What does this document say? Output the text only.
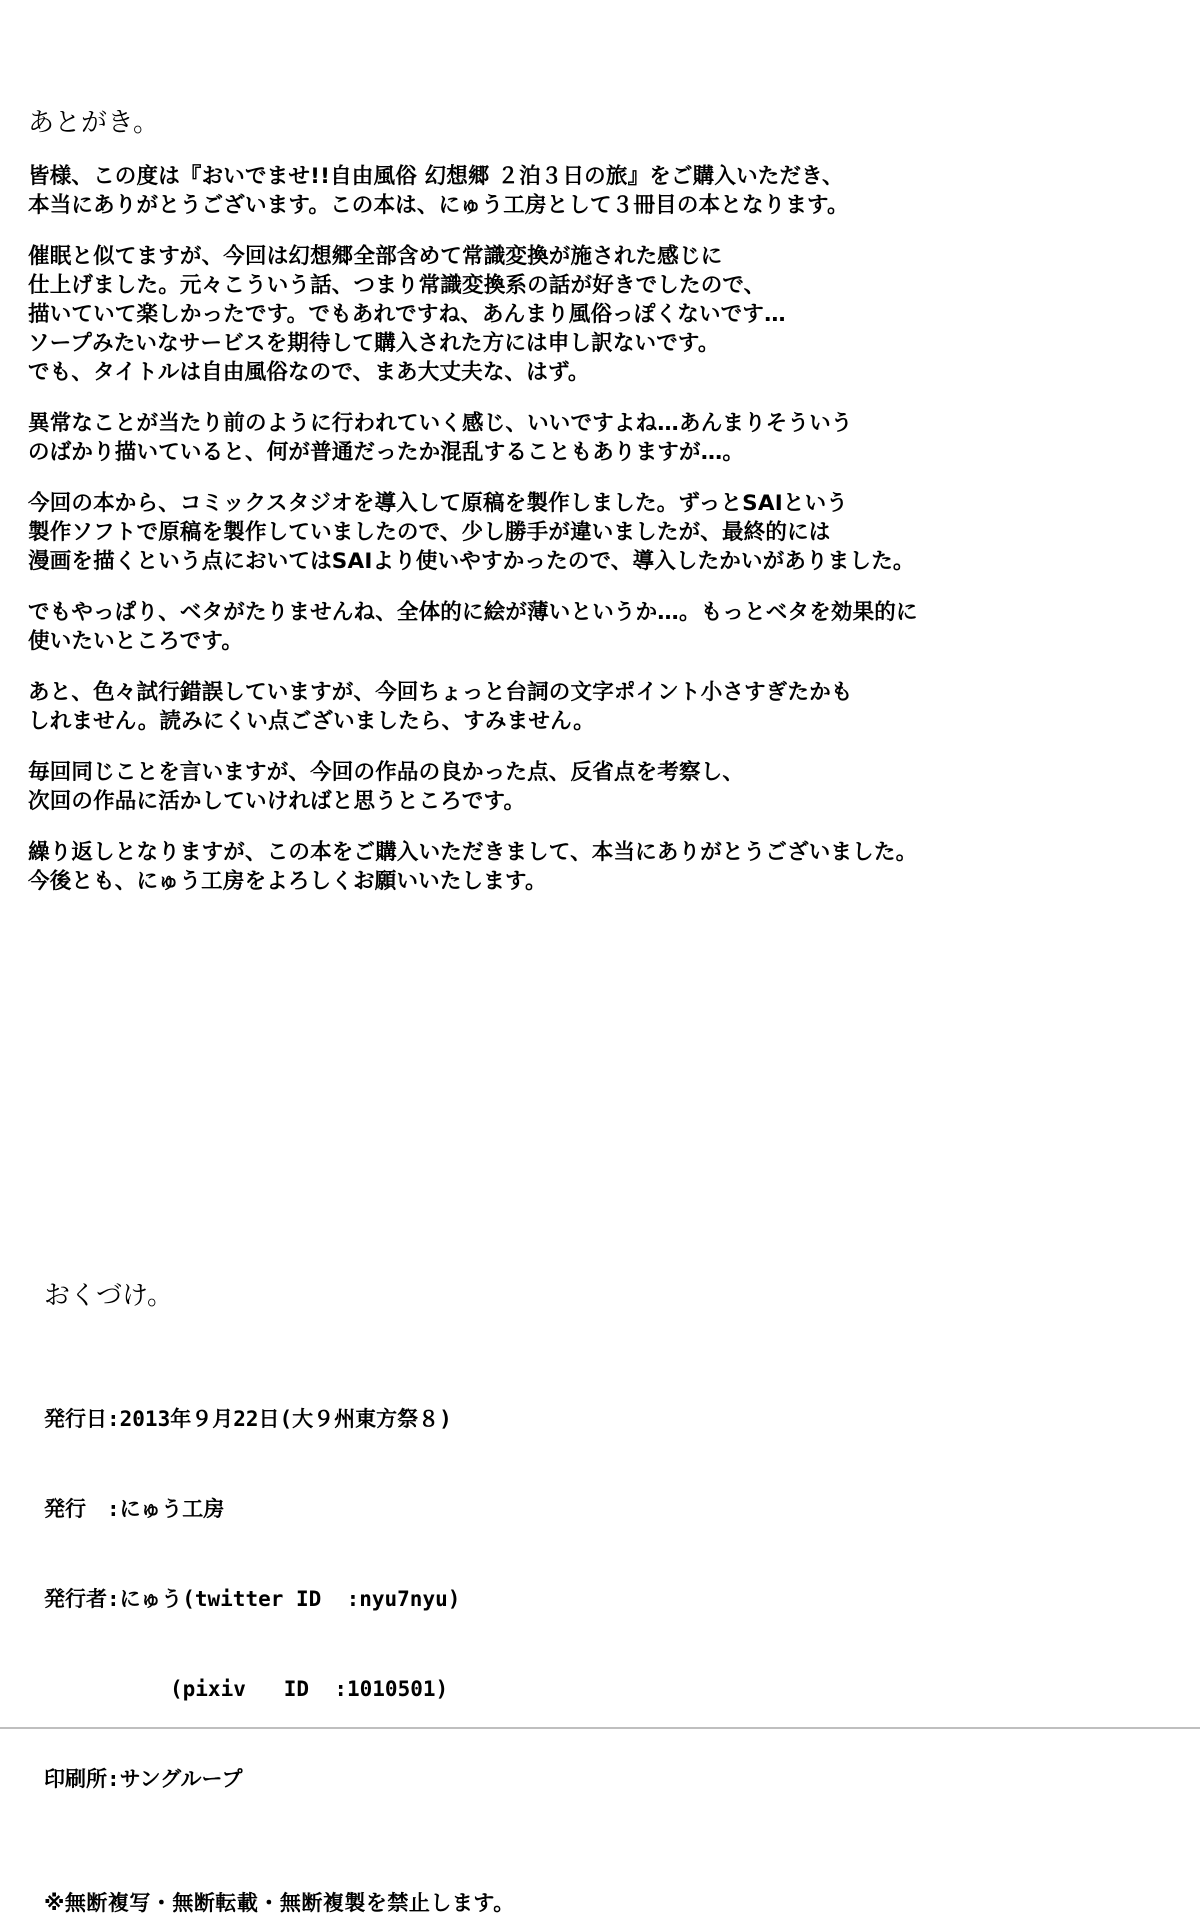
あとがき。
皆様、この度は『おいでませ!!自由風俗 幻想郷 ２泊３日の旅』をご購入いただき、
本当にありがとうございます。この本は、にゅう工房として３冊目の本となります。
催眠と似てますが、今回は幻想郷全部含めて常識変換が施された感じに
仕上げました。元々こういう話、つまり常識変換系の話が好きでしたので、
描いていて楽しかったです。でもあれですね、あんまり風俗っぽくないです…
ソープみたいなサービスを期待して購入された方には申し訳ないです。
でも、タイトルは自由風俗なので、まあ大丈夫な、はず。
異常なことが当たり前のように行われていく感じ、いいですよね…あんまりそういう
のばかり描いていると、何が普通だったか混乱することもありますが…。
今回の本から、コミックスタジオを導入して原稿を製作しました。ずっとSAIという
製作ソフトで原稿を製作していましたので、少し勝手が違いましたが、最終的には
漫画を描くという点においてはSAIより使いやすかったので、導入したかいがありました。
でもやっぱり、ベタがたりませんね、全体的に絵が薄いというか…。もっとベタを効果的に
使いたいところです。
あと、色々試行錯誤していますが、今回ちょっと台詞の文字ポイント小さすぎたかも
しれません。読みにくい点ございましたら、すみません。
毎回同じことを言いますが、今回の作品の良かった点、反省点を考察し、
次回の作品に活かしていければと思うところです。
繰り返しとなりますが、この本をご購入いただきまして、本当にありがとうございました。
今後とも、にゅう工房をよろしくお願いいたします。
おくづけ。

発行日:2013年９月22日(大９州東方祭８)

発行　:にゅう工房

発行者:にゅう(twitter ID  :nyu7nyu)

　　　　　　(pixiv   ID  :1010501)

印刷所:サングループ

※無断複写・無断転載・無断複製を禁止します。
